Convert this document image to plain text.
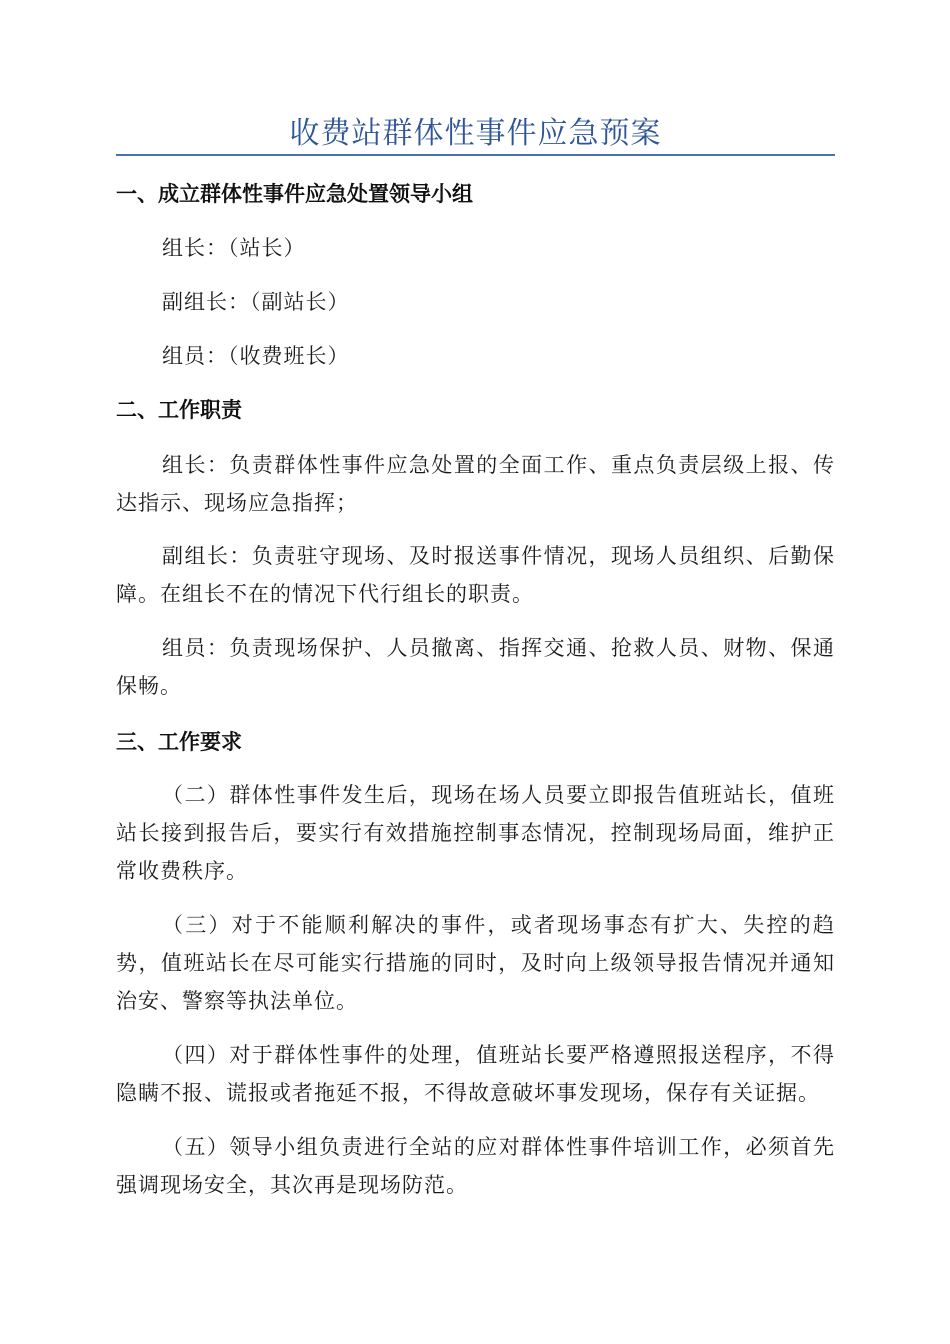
收费站群体性事件应急预案
一、成立群体性事件应急处置领导小组
组长：（站长）
副组长：（副站长）
组员：（收费班长）
二、工作职责
组长：负责群体性事件应急处置的全面工作、重点负责层级上报、传达指示、现场应急指挥；
副组长：负责驻守现场、及时报送事件情况，现场人员组织、后勤保障。在组长不在的情况下代行组长的职责。
组员：负责现场保护、人员撤离、指挥交通、抢救人员、财物、保通保畅。
三、工作要求
（二）群体性事件发生后，现场在场人员要立即报告值班站长，值班站长接到报告后，要实行有效措施控制事态情况，控制现场局面，维护正常收费秩序。
（三）对于不能顺利解决的事件，或者现场事态有扩大、失控的趋势，值班站长在尽可能实行措施的同时，及时向上级领导报告情况并通知治安、警察等执法单位。
（四）对于群体性事件的处理，值班站长要严格遵照报送程序，不得隐瞒不报、谎报或者拖延不报，不得故意破坏事发现场，保存有关证据。
（五）领导小组负责进行全站的应对群体性事件培训工作，必须首先强调现场安全，其次再是现场防范。
